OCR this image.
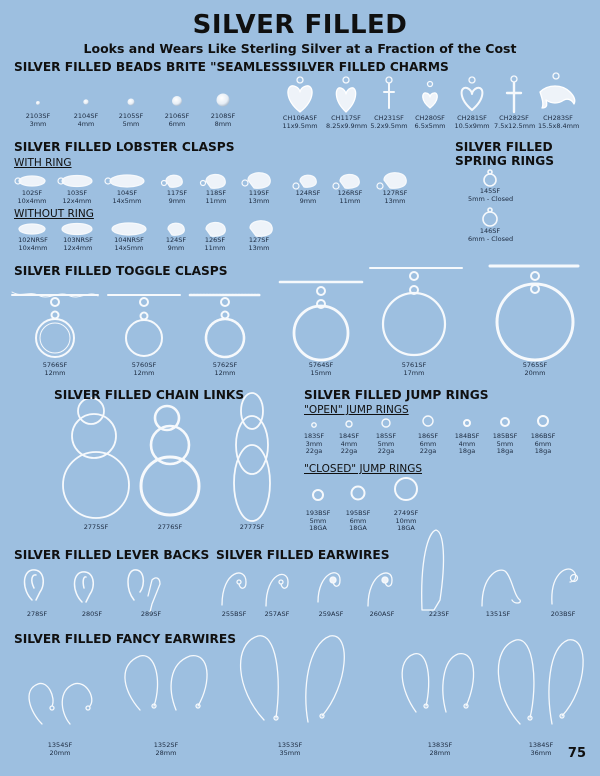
SILVER FILLED
Looks and Wears Like Sterling Silver at a Fraction of the Cost
SILVER FILLED BEADS BRITE "SEAMLESS"
SILVER FILLED CHARMS
SILVER FILLED LOBSTER CLASPS
WITH RING
WITHOUT RING
SILVER FILLED SPRING RINGS
SILVER FILLED TOGGLE CLASPS
SILVER FILLED CHAIN LINKS	SILVER FILLED JUMP RINGS
"OPEN" JUMP RINGS
"CLOSED" JUMP RINGS
SILVER FILLED LEVER BACKS SILVER FILLED EARWIRES
SILVER FILLED FANCY EARWIRES
2103SF
3mm
2104SF
4mm
2105SF
5mm
2106SF
6mm
2108SF
8mm
CH106ASF
11x9.5mm
CH117SF
8.25x9.9mm
CH231SF
5.2x9.5mm
CH280SF
6.5x5mm
CH281SF
10.5x9mm
CH282SF
7.5x12.5mm
CH283SF
15.5x8.4mm
102SF
10x4mm
103SF
12x4mm
104SF
14x5mm
117SF
9mm
118SF
11mm
119SF
13mm
124RSF
9mm
126RSF
11mm
127RSF
13mm
102NRSF
10x4mm
103NRSF
12x4mm
104NRSF
14x5mm
124SF
9mm
126SF
11mm
127SF
13mm
145SF
5mm - Closed
146SF
6mm - Closed
5766SF
12mm
5760SF
12mm
5762SF
12mm
5764SF
15mm
5761SF
17mm
5765SF
20mm
2775SF	2776SF	2777SF
183SF
3mm
22ga
184SF
4mm
22ga
185SF
5mm
22ga
186SF
6mm
22ga
184BSF
4mm
18ga
185BSF
5mm
18ga
186BSF
6mm
18ga
193BSF
5mm
18GA
195BSF
6mm
18GA
2749SF
10mm
18GA
278SF	280SF	289SF	255BSF	257ASF	259ASF	260ASF	223SF	1351SF	203BSF
1354SF
20mm
1352SF
28mm
1353SF
35mm
1383SF
28mm
1384SF
36mm	75
